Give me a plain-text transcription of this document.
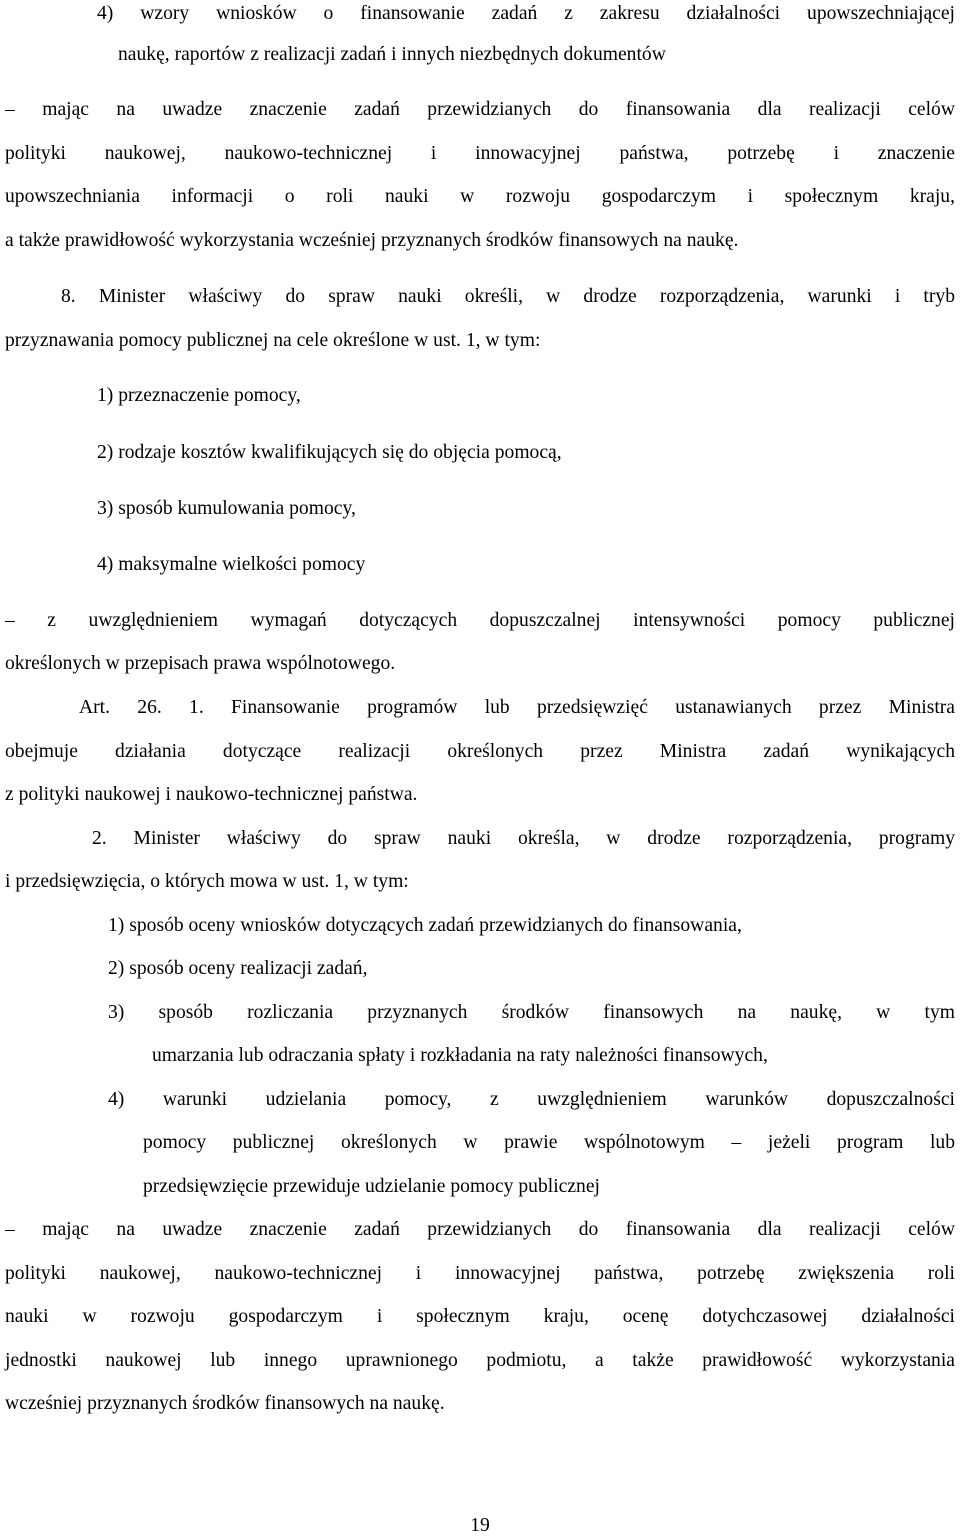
4) wzory wniosków o finansowanie zadań z zakresu działalności upowszechniającej
naukę, raportów z realizacji zadań i innych niezbędnych dokumentów
– mając na uwadze znaczenie zadań przewidzianych do finansowania dla realizacji celów
polityki naukowej, naukowo-technicznej i innowacyjnej państwa, potrzebę i znaczenie
upowszechniania informacji o roli nauki w rozwoju gospodarczym i społecznym kraju,
a także prawidłowość wykorzystania wcześniej przyznanych środków finansowych na naukę.
8. Minister właściwy do spraw nauki określi, w drodze rozporządzenia, warunki i tryb
przyznawania pomocy publicznej na cele określone w ust. 1, w tym:
1) przeznaczenie pomocy,
2) rodzaje kosztów kwalifikujących się do objęcia pomocą,
3) sposób kumulowania pomocy,
4) maksymalne wielkości pomocy
– z uwzględnieniem wymagań dotyczących dopuszczalnej intensywności pomocy publicznej
określonych w przepisach prawa wspólnotowego.
Art. 26. 1. Finansowanie programów lub przedsięwzięć ustanawianych przez Ministra
obejmuje działania dotyczące realizacji określonych przez Ministra zadań wynikających
z polityki naukowej i naukowo-technicznej państwa.
2. Minister właściwy do spraw nauki określa, w drodze rozporządzenia, programy
i przedsięwzięcia, o których mowa w ust. 1, w tym:
1) sposób oceny wniosków dotyczących zadań przewidzianych do finansowania,
2) sposób oceny realizacji zadań,
3) sposób rozliczania przyznanych środków finansowych na naukę, w tym
umarzania lub odraczania spłaty i rozkładania na raty należności finansowych,
4) warunki udzielania pomocy, z uwzględnieniem warunków dopuszczalności
pomocy publicznej określonych w prawie wspólnotowym – jeżeli program lub
przedsięwzięcie przewiduje udzielanie pomocy publicznej
– mając na uwadze znaczenie zadań przewidzianych do finansowania dla realizacji celów
polityki naukowej, naukowo-technicznej i innowacyjnej państwa, potrzebę zwiększenia roli
nauki w rozwoju gospodarczym i społecznym kraju, ocenę dotychczasowej działalności
jednostki naukowej lub innego uprawnionego podmiotu, a także prawidłowość wykorzystania
wcześniej przyznanych środków finansowych na naukę.
19
